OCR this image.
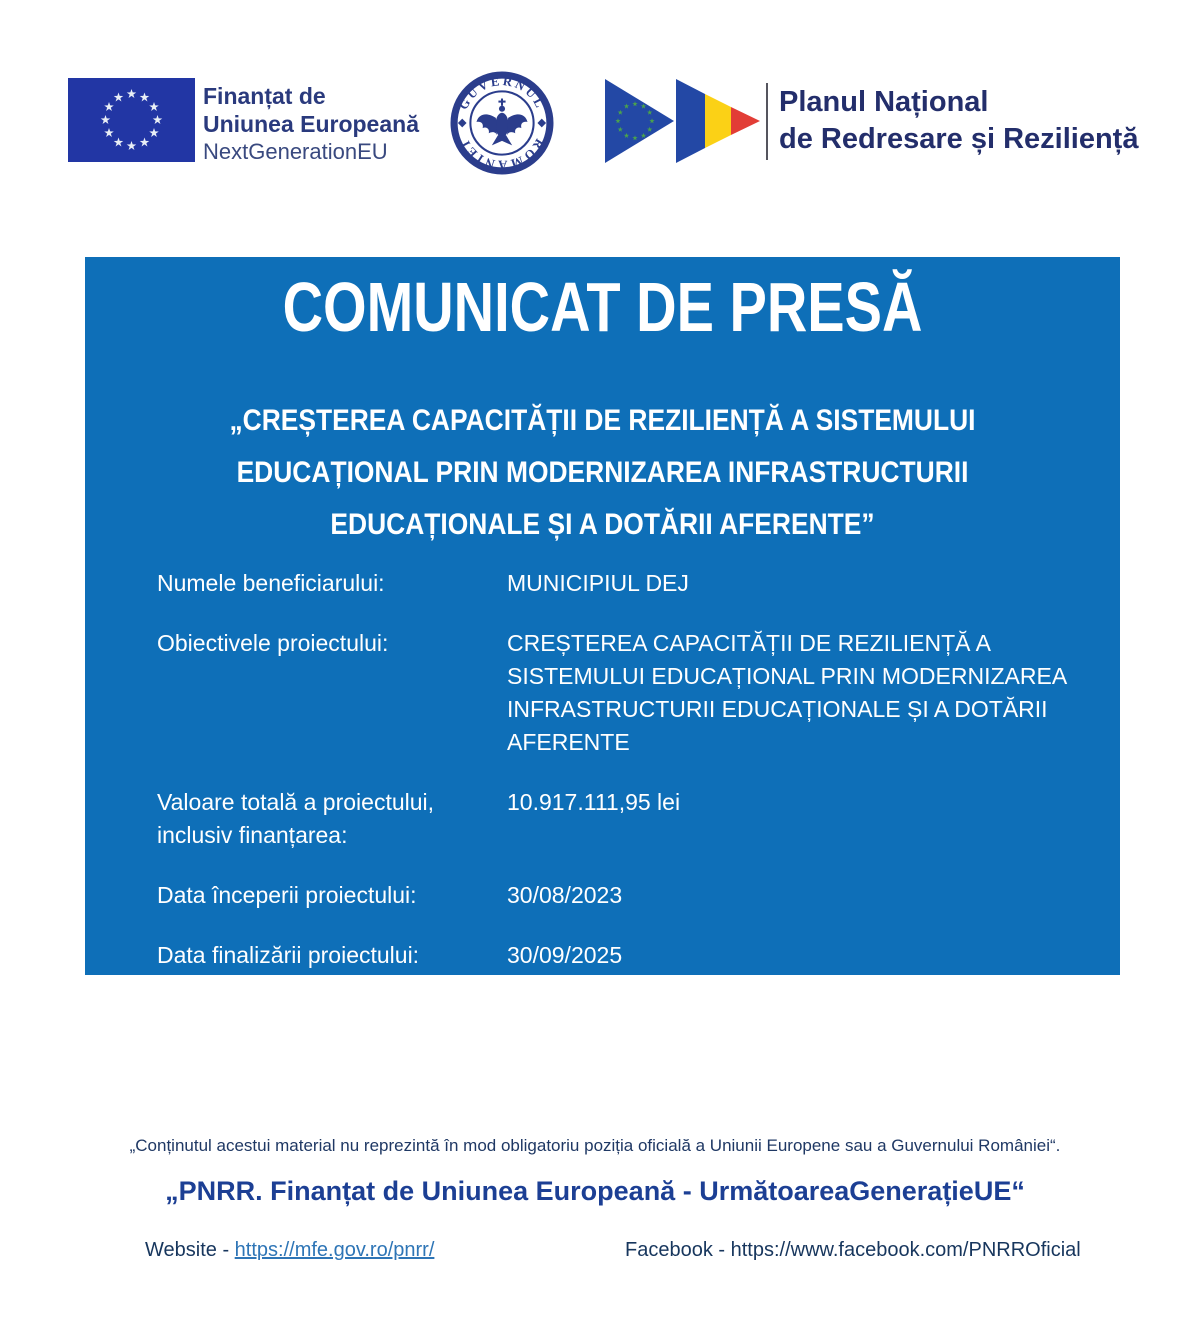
Finanțat de
Uniunea Europeană
NextGenerationEU
GUVERNUL
ROMÂNIEI
Planul Național
de Redresare și Reziliență
COMUNICAT DE PRESĂ
„CREȘTEREA CAPACITĂȚII DE REZILIENȚĂ A SISTEMULUI
EDUCAȚIONAL PRIN MODERNIZAREA INFRASTRUCTURII
EDUCAȚIONALE ȘI A DOTĂRII AFERENTE”
Numele beneficiarului:	MUNICIPIUL DEJ
Obiectivele proiectului:	CREȘTEREA CAPACITĂȚII DE REZILIENȚĂ A SISTEMULUI EDUCAȚIONAL PRIN MODERNIZAREA INFRASTRUCTURII EDUCAȚIONALE ȘI A DOTĂRII AFERENTE
Valoare totală a proiectului, inclusiv finanțarea:
10.917.111,95 lei
Data începerii proiectului:	30/08/2023
Data finalizării proiectului:	30/09/2025
Codul proiectului:	F-PNRR-Dotari-2023-2826
„Conținutul acestui material nu reprezintă în mod obligatoriu poziția oficială a Uniunii Europene sau a Guvernului României“.
„PNRR. Finanțat de Uniunea Europeană - UrmătoareaGenerațieUE“
Website - https://mfe.gov.ro/pnrr/	Facebook - https://www.facebook.com/PNRROficial
